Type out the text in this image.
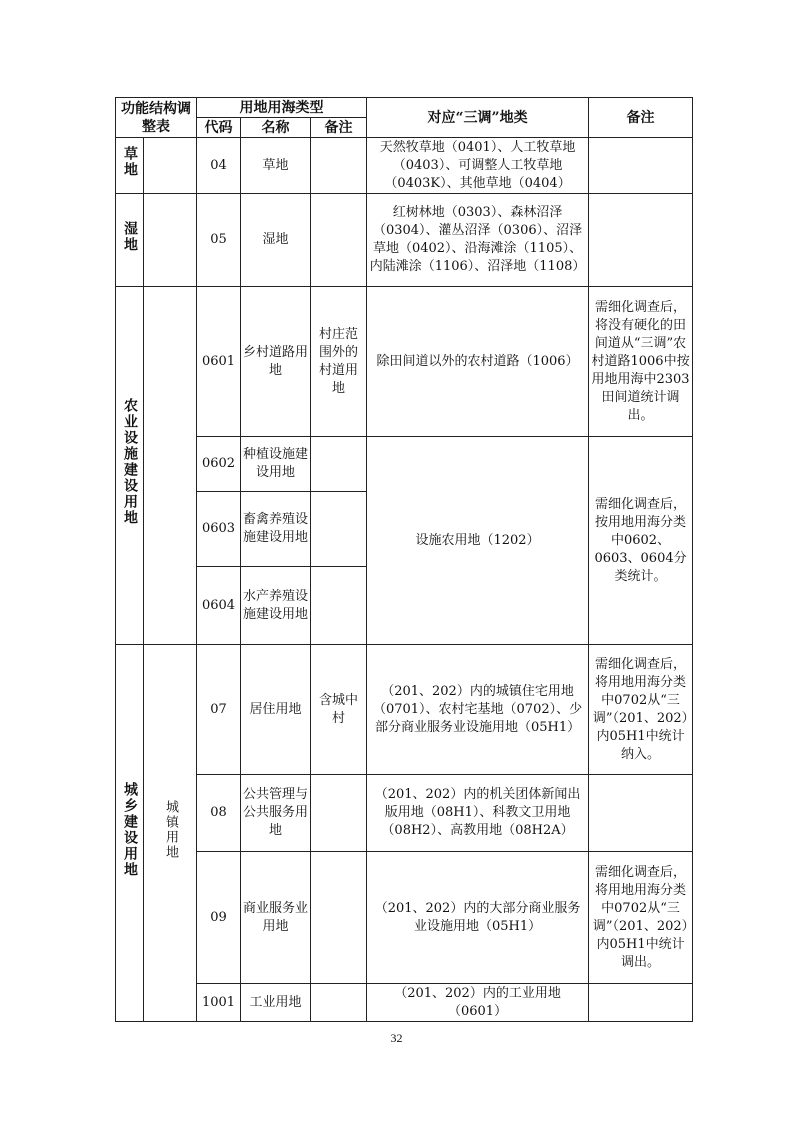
功能结构调整表		用地用海类型			对应“三调”地类	备注
		代码	名称	备注		
草地		04	草地		天然牧草地（0401）、人工牧草地（0403）、可调整人工牧草地（0403K）、其他草地（0404）	
湿地		05	湿地		红树林地（0303）、森林沼泽（0304）、灌丛沼泽（0306）、沼泽草地（0402）、沿海滩涂（1105）、内陆滩涂（1106）、沼泽地（1108）	
农业设施建设用地		0601	乡村道路用地	村庄范围外的村道用地	除田间道以外的农村道路（1006）	需细化调查后，将没有硬化的田间道从“三调”农村道路1006中按用地用海中2303田间道统计调出。
		0602	种植设施建设用地		设施农用地（1202）	需细化调查后，按用地用海分类中0602、0603、0604分类统计。
		0603	畜禽养殖设施建设用地			
		0604	水产养殖设施建设用地			
城乡建设用地	城镇用地	07	居住用地	含城中村	（201、202）内的城镇住宅用地（0701）、农村宅基地（0702）、少部分商业服务业设施用地（05H1）	需细化调查后，将用地用海分类中0702从“三调”（201、202）内05H1中统计纳入。
		08	公共管理与公共服务用地		（201、202）内的机关团体新闻出版用地（08H1）、科教文卫用地（08H2）、高教用地（08H2A）	
		09	商业服务业用地		（201、202）内的大部分商业服务业设施用地（05H1）	需细化调查后，将用地用海分类中0702从“三调”（201、202）内05H1中统计调出。
		1001	工业用地		（201、202）内的工业用地（0601）	
32
